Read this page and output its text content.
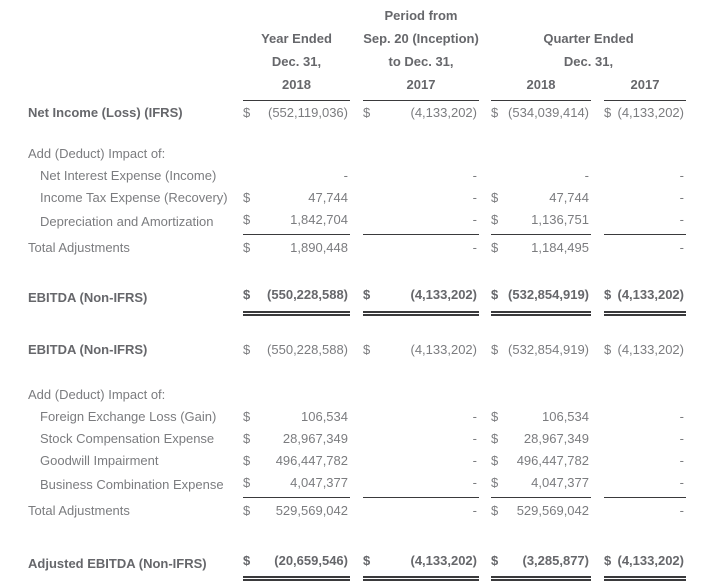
			Period from				
	Year Ended		Sep. 20 (Inception)		Quarter Ended		
	Dec. 31,		to Dec. 31,		Dec. 31,		
	2018		2017		2018		2017
Net Income (Loss) (IFRS)	$ (552,119,036)		$ (4,133,202)		$ (534,039,414)		$ (4,133,202)

Add (Deduct) Impact of:							
Net Interest Expense (Income)	-		-		-		-

Income Tax Expense (Recovery)	$ 47,744		-		$ 47,744		-

Depreciation and Amortization	$ 1,842,704		-		$ 1,136,751		-

Total Adjustments	$ 1,890,448		-		$ 1,184,495		-

EBITDA (Non-IFRS)	$ (550,228,588)		$ (4,133,202)		$ (532,854,919)		$ (4,133,202)

EBITDA (Non-IFRS)	$ (550,228,588)		$ (4,133,202)		$ (532,854,919)		$ (4,133,202)

Add (Deduct) Impact of:							
Foreign Exchange Loss (Gain)	$ 106,534		-		$ 106,534		-

Stock Compensation Expense	$ 28,967,349		-		$ 28,967,349		-

Goodwill Impairment	$ 496,447,782		-		$ 496,447,782		-

Business Combination Expense	$ 4,047,377		-		$ 4,047,377		-

Total Adjustments	$ 529,569,042		-		$ 529,569,042		-

Adjusted EBITDA (Non-IFRS)	$ (20,659,546)		$ (4,133,202)		$ (3,285,877)		$ (4,133,202)
